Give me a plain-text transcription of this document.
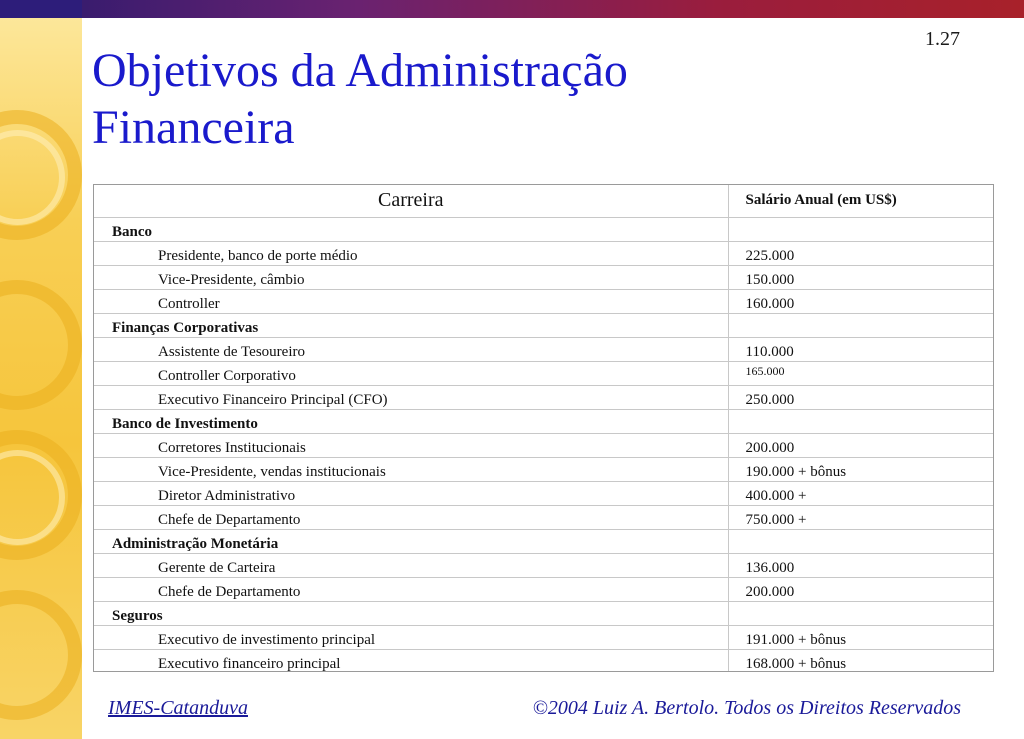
1.27
Objetivos da Administração
Financeira
Carreira	Salário Anual (em US$)
Banco	
Presidente, banco de porte médio	225.000
Vice-Presidente, câmbio	150.000
Controller	160.000
Finanças Corporativas	
Assistente de Tesoureiro	110.000
Controller Corporativo	165.000
Executivo Financeiro Principal (CFO)	250.000
Banco de Investimento	
Corretores Institucionais	200.000
Vice-Presidente, vendas institucionais	190.000 + bônus
Diretor Administrativo	400.000 +
Chefe de Departamento	750.000 +
Administração Monetária	
Gerente de Carteira	136.000
Chefe de Departamento	200.000
Seguros	
Executivo de investimento principal	191.000 + bônus
Executivo financeiro principal	168.000 + bônus
IMES-Catanduva	©2004 Luiz A. Bertolo. Todos os Direitos Reservados
